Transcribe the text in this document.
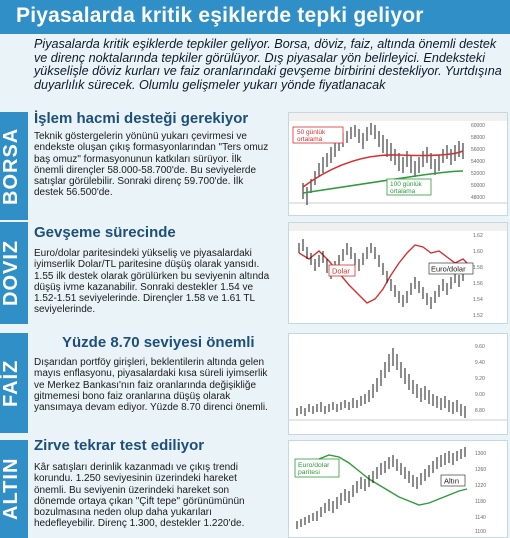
Piyasalarda kritik eşiklerde tepki geliyor
Piyasalarda kritik eşiklerde tepkiler geliyor. Borsa, döviz, faiz, altında önemli destek ve direnç noktalarında tepkiler görülüyor. Dış piyasalar yön belirleyici. Endeksteki yükselişle döviz kurları ve faiz oranlarındaki gevşeme birbirini destekliyor. Yurtdışına duyarlılık sürecek. Olumlu gelişmeler yukarı yönde fiyatlanacak
BORSA
İşlem hacmi desteği gerekiyor
Teknik göstergelerin yönünü yukarı çevirmesi ve endekste oluşan çıkış formasyonlarından "Ters omuz baş omuz" formasyonunun katkıları sürüyor. İlk önemli dirençler 58.000-58.700'de. Bu seviyelerde satışlar görülebilir. Sonraki direnç 59.700'de. İlk destek 56.500'de.
60000
58000
56000
54000
52000
50000
48000
50 günlük ortalama
100 günlük ortalama
DOVIZ
Gevşeme sürecinde
Euro/dolar paritesindeki yükseliş ve piyasalardaki iyimserlik Dolar/TL paritesine düşüş olarak yansıdı. 1.55 ilk destek olarak görülürken bu seviyenin altında düşüş ivme kazanabilir. Sonraki destekler 1.54 ve 1.52-1.51 seviyelerinde. Dirençler 1.58 ve 1.61 TL seviyelerinde.
Dolar	Euro/dolar
1.62
1.60
1.58
1.56
1.54
1.52
FAİZ
Yüzde 8.70 seviyesi önemli
Dışarıdan portföy girişleri, beklentilerin altında gelen mayıs enflasyonu, piyasalardaki kısa süreli iyimserlik ve Merkez Bankası'nın faiz oranlarında değişikliğe gitmemesi bono faiz oranlarına düşüş olarak yansımaya devam ediyor. Yüzde 8.70 direnci önemli.
9.60
9.40
9.20
9.00
8.80
ALTIN
Zirve tekrar test ediliyor
Kâr satışları derinlik kazanmadı ve çıkış trendi korundu. 1.250 seviyesinin üzerindeki hareket önemli. Bu seviyenin üzerindeki hareket son dönemde ortaya çıkan "Çift tepe" görünümünün bozulmasına neden olup daha yukarıları hedefleyebilir. Direnç 1.300, destekler 1.220'de.
Euro/dolar paritesi
Altın
1300
1260
1220
1180
1140
1100
